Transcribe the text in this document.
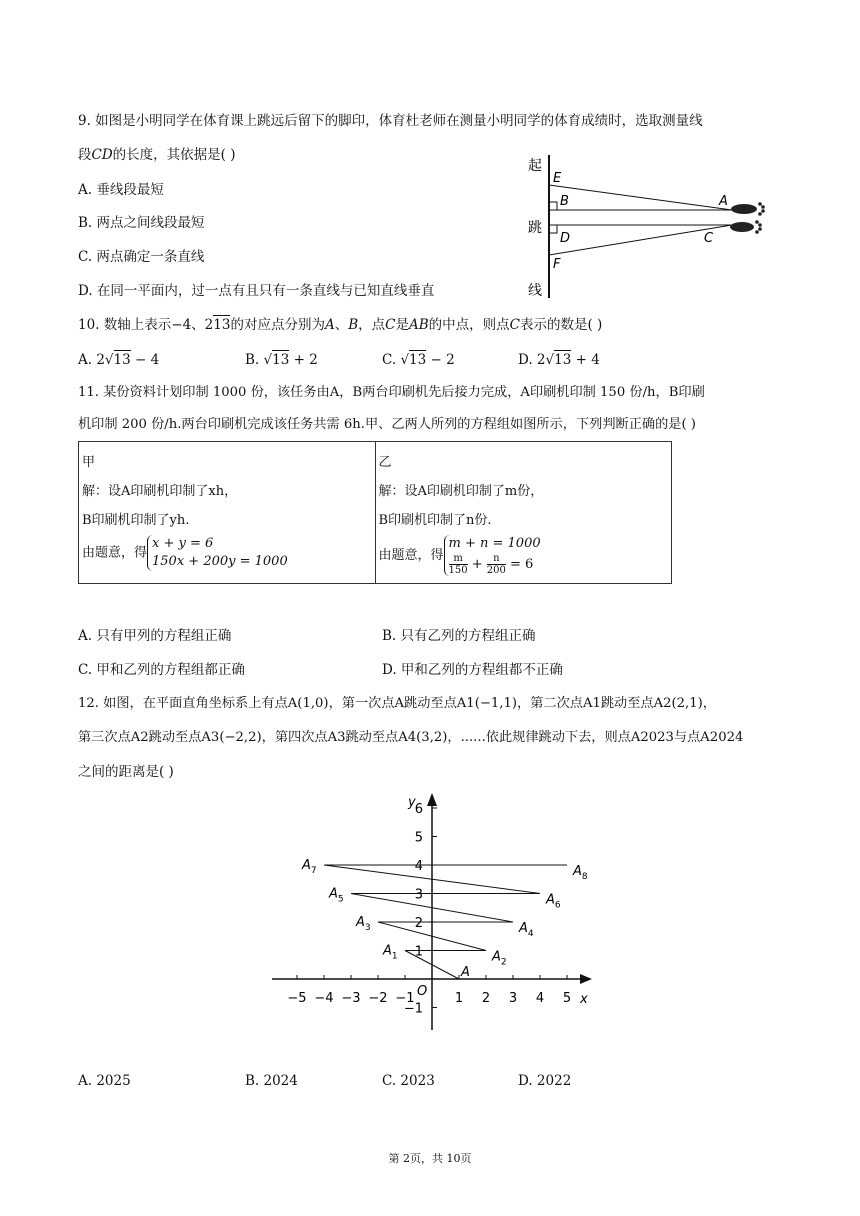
9. 如图是小明同学在体育课上跳远后留下的脚印，体育杜老师在测量小明同学的体育成绩时，选取测量线
段CD的长度，其依据是( )
A. 垂线段最短
B. 两点之间线段最短
C. 两点确定一条直线
D. 在同一平面内，过一点有且只有一条直线与已知直线垂直
起
跳
线
E
B	A
D	C
F
10. 数轴上表示−4、213的对应点分别为A、B，点C是AB的中点，则点C表示的数是( )
A. 2√13 − 4	B. √13 + 2	C. √13 − 2	D. 2√13 + 4
11. 某份资料计划印制 1000 份，该任务由A，B两台印刷机先后接力完成，A印刷机印制 150 份/h，B印刷
机印制 200 份/h.两台印刷机完成该任务共需 6h.甲、乙两人所列的方程组如图所示，下列判断正确的是( )
甲
解：设A印刷机印制了xh，
B印刷机印制了yh.
由题意，得
x + y = 6
150x + 200y = 1000

乙
解：设A印刷机印制了m份，
B印刷机印制了n份.
由题意，得
m + n = 1000
$\frac{m}{150} + \frac{n}{200} = 6$
A. 只有甲列的方程组正确	B. 只有乙列的方程组正确
C. 甲和乙列的方程组都正确	D. 甲和乙列的方程组都不正确
12. 如图，在平面直角坐标系上有点A(1,0)，第一次点A跳动至点A1(−1,1)，第二次点A1跳动至点A2(2,1)，
第三次点A2跳动至点A3(−2,2)，第四次点A3跳动至点A4(3,2)，......依此规律跳动下去，则点A2023与点A2024
之间的距离是( )
x
y
O
−5 −4 −3 −2 −1	1 2 3 4 5
6
5
4
3
2
1
−1
A
$A_1$	$A_2$
$A_3$	$A_4$
$A_5$	$A_6$
$A_7$	$A_8$
A. 2025	B. 2024	C. 2023	D. 2022
第 2页，共 10页
